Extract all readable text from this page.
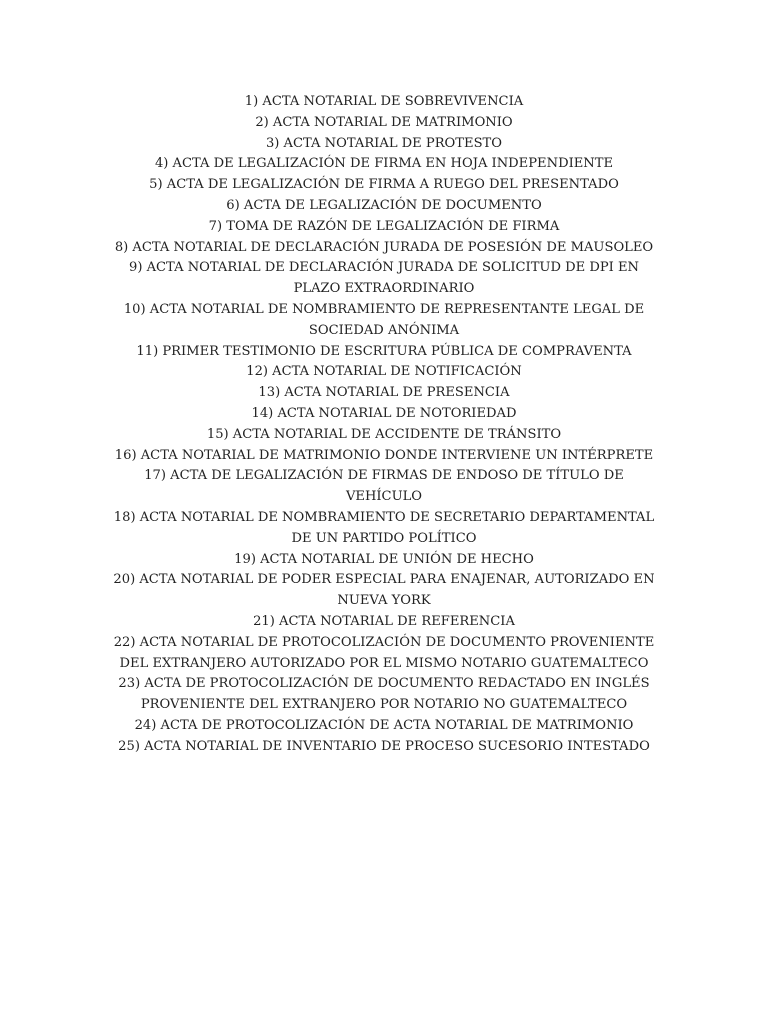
1) ACTA NOTARIAL DE SOBREVIVENCIA
2) ACTA NOTARIAL DE MATRIMONIO
3) ACTA NOTARIAL DE PROTESTO
4) ACTA DE LEGALIZACIÓN DE FIRMA EN HOJA INDEPENDIENTE
5) ACTA DE LEGALIZACIÓN DE FIRMA A RUEGO DEL PRESENTADO
6) ACTA DE LEGALIZACIÓN DE DOCUMENTO
7) TOMA DE RAZÓN DE LEGALIZACIÓN DE FIRMA
8) ACTA NOTARIAL DE DECLARACIÓN JURADA DE POSESIÓN DE MAUSOLEO
9) ACTA NOTARIAL DE DECLARACIÓN JURADA DE SOLICITUD DE DPI EN PLAZO EXTRAORDINARIO
10) ACTA NOTARIAL DE NOMBRAMIENTO DE REPRESENTANTE LEGAL DE SOCIEDAD ANÓNIMA
11) PRIMER TESTIMONIO DE ESCRITURA PÚBLICA DE COMPRAVENTA
12) ACTA NOTARIAL DE NOTIFICACIÓN
13) ACTA NOTARIAL DE PRESENCIA
14) ACTA NOTARIAL DE NOTORIEDAD
15) ACTA NOTARIAL DE ACCIDENTE DE TRÁNSITO
16) ACTA NOTARIAL DE MATRIMONIO DONDE INTERVIENE UN INTÉRPRETE
17) ACTA DE LEGALIZACIÓN DE FIRMAS DE ENDOSO DE TÍTULO DE VEHÍCULO
18) ACTA NOTARIAL DE NOMBRAMIENTO DE SECRETARIO DEPARTAMENTAL DE UN PARTIDO POLÍTICO
19) ACTA NOTARIAL DE UNIÓN DE HECHO
20) ACTA NOTARIAL DE PODER ESPECIAL PARA ENAJENAR, AUTORIZADO EN NUEVA YORK
21) ACTA NOTARIAL DE REFERENCIA
22) ACTA NOTARIAL DE PROTOCOLIZACIÓN DE DOCUMENTO PROVENIENTE DEL EXTRANJERO AUTORIZADO POR EL MISMO NOTARIO GUATEMALTECO
23) ACTA DE PROTOCOLIZACIÓN DE DOCUMENTO REDACTADO EN INGLÉS PROVENIENTE DEL EXTRANJERO POR NOTARIO NO GUATEMALTECO
24) ACTA DE PROTOCOLIZACIÓN DE ACTA NOTARIAL DE MATRIMONIO
25) ACTA NOTARIAL DE INVENTARIO DE PROCESO SUCESORIO INTESTADO
